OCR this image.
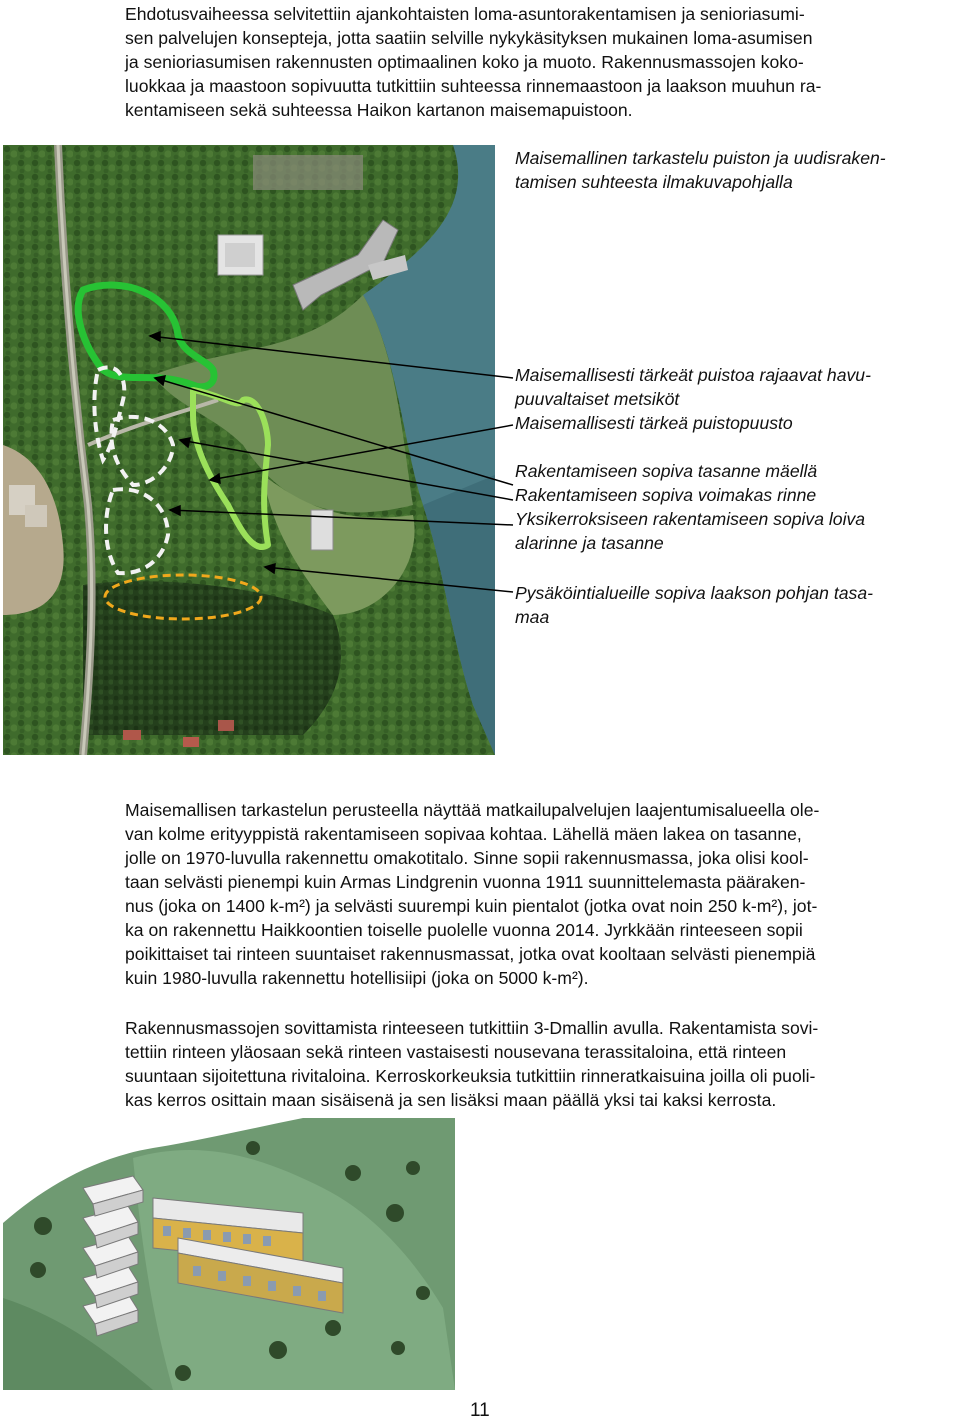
Ehdotusvaiheessa selvitettiin ajankohtaisten loma-asuntorakentamisen ja senioriasumi-
sen palvelujen konsepteja, jotta saatiin selville nykykäsityksen mukainen loma-asumisen
ja senioriasumisen rakennusten optimaalinen koko ja muoto. Rakennusmassojen koko-
luokkaa ja maastoon sopivuutta tutkittiin suhteessa rinnemaastoon ja laakson muuhun ra-
kentamiseen sekä suhteessa Haikon kartanon maisemapuistoon.
Maisemallinen tarkastelu puiston ja uudisraken-
tamisen suhteesta ilmakuvapohjalla
Maisemallisesti tärkeät puistoa rajaavat havu-
puuvaltaiset metsiköt
Maisemallisesti tärkeä puistopuusto
Rakentamiseen sopiva tasanne mäellä
Rakentamiseen sopiva voimakas rinne
Yksikerroksiseen rakentamiseen sopiva loiva
alarinne ja tasanne
Pysäköintialueille sopiva laakson pohjan tasa-
maa
Maisemallisen tarkastelun perusteella näyttää matkailupalvelujen laajentumisalueella ole-
van kolme erityyppistä rakentamiseen sopivaa kohtaa. Lähellä mäen lakea on tasanne,
jolle on 1970-luvulla rakennettu omakotitalo. Sinne sopii rakennusmassa, joka olisi kool-
taan selvästi pienempi kuin Armas Lindgrenin vuonna 1911 suunnittelemasta pääraken-
nus (joka on 1400 k-m²) ja selvästi suurempi kuin pientalot (jotka ovat noin 250 k-m²), jot-
ka on rakennettu Haikkoontien toiselle puolelle vuonna 2014. Jyrkkään rinteeseen sopii
poikittaiset tai rinteen suuntaiset rakennusmassat, jotka ovat kooltaan selvästi pienempiä
kuin 1980-luvulla rakennettu hotellisiipi (joka on 5000 k-m²).
Rakennusmassojen sovittamista rinteeseen tutkittiin 3-Dmallin avulla. Rakentamista sovi-
tettiin rinteen yläosaan sekä rinteen vastaisesti nousevana terassitaloina, että rinteen
suuntaan sijoitettuna rivitaloina. Kerroskorkeuksia tutkittiin rinneratkaisuina joilla oli puoli-
kas kerros osittain maan sisäisenä ja sen lisäksi maan päällä yksi tai kaksi kerrosta.
11
